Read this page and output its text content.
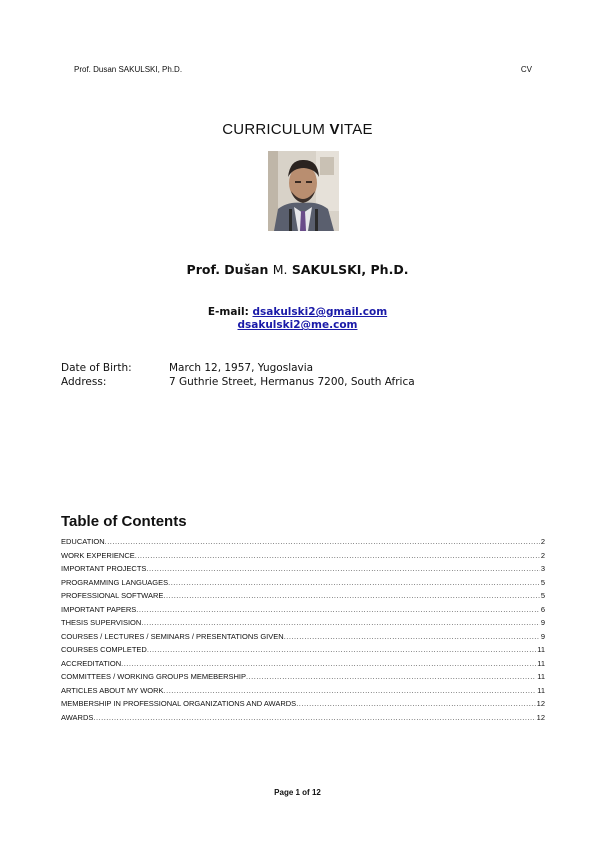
Prof. Dusan SAKULSKI, Ph.D.	CV
CURRICULUM VITAE
Prof. Dušan M. SAKULSKI, Ph.D.
E-mail: dsakulski2@gmail.com
dsakulski2@me.com
Date of Birth:	March 12, 1957, Yugoslavia
Address:	7 Guthrie Street, Hermanus 7200, South Africa
Table of Contents
EDUCATION .....	2
WORK EXPERIENCE .....	2
IMPORTANT PROJECTS .....	3
PROGRAMMING LANGUAGES .....	5
PROFESSIONAL SOFTWARE .....	5
IMPORTANT PAPERS .....	6
THESIS SUPERVISION .....	9
COURSES / LECTURES / SEMINARS / PRESENTATIONS GIVEN .....	9
COURSES COMPLETED .....	11
ACCREDITATION .....	11
COMMITTEES / WORKING GROUPS MEMEBERSHIP .....	11
ARTICLES ABOUT MY WORK .....	11
MEMBERSHIP IN PROFESSIONAL ORGANIZATIONS AND AWARDS .....	12
AWARDS .....	12
Page 1 of 12
